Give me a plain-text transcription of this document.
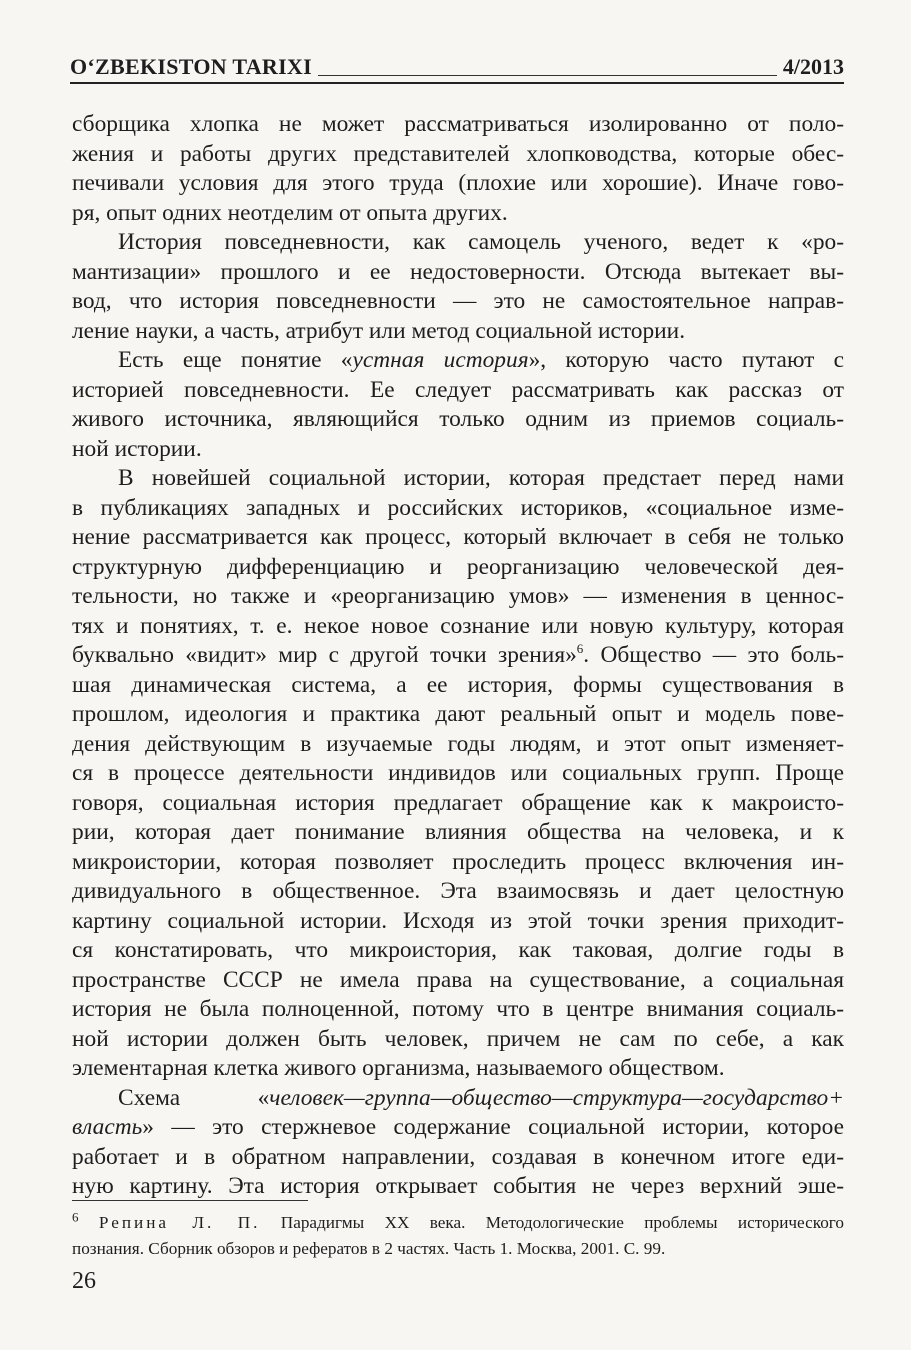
O‘ZBEKISTON TARIXI	4/2013
сборщика хлопка не может рассматриваться изолированно от поло-
жения и работы других представителей хлопководства, которые обес-
печивали условия для этого труда (плохие или хорошие). Иначе гово-
ря, опыт одних неотделим от опыта других.
История повседневности, как самоцель ученого, ведет к «ро-
мантизации» прошлого и ее недостоверности. Отсюда вытекает вы-
вод, что история повседневности — это не самостоятельное направ-
ление науки, а часть, атрибут или метод социальной истории.
Есть еще понятие «устная история», которую часто путают с
историей повседневности. Ее следует рассматривать как рассказ от
живого источника, являющийся только одним из приемов социаль-
ной истории.
В новейшей социальной истории, которая предстает перед нами
в публикациях западных и российских историков, «социальное изме-
нение рассматривается как процесс, который включает в себя не только
структурную дифференциацию и реорганизацию человеческой дея-
тельности, но также и «реорганизацию умов» — изменения в ценнос-
тях и понятиях, т. е. некое новое сознание или новую культуру, которая
буквально «видит» мир с другой точки зрения»$^6$. Общество — это боль-
шая динамическая система, а ее история, формы существования в
прошлом, идеология и практика дают реальный опыт и модель пове-
дения действующим в изучаемые годы людям, и этот опыт изменяет-
ся в процессе деятельности индивидов или социальных групп. Проще
говоря, социальная история предлагает обращение как к макроисто-
рии, которая дает понимание влияния общества на человека, и к
микроистории, которая позволяет проследить процесс включения ин-
дивидуального в общественное. Эта взаимосвязь и дает целостную
картину социальной истории. Исходя из этой точки зрения приходит-
ся констатировать, что микроистория, как таковая, долгие годы в
пространстве СССР не имела права на существование, а социальная
история не была полноценной, потому что в центре внимания социаль-
ной истории должен быть человек, причем не сам по себе, а как
элементарная клетка живого организма, называемого обществом.
Схема «человек—группа—общество—структура—государство+
власть» — это стержневое содержание социальной истории, которое
работает и в обратном направлении, создавая в конечном итоге еди-
ную картину. Эта история открывает события не через верхний эше-
$^6$ Репина Л. П. Парадигмы XX века. Методологические проблемы исторического
познания. Сборник обзоров и рефератов в 2 частях. Часть 1. Москва, 2001. С. 99.
26
